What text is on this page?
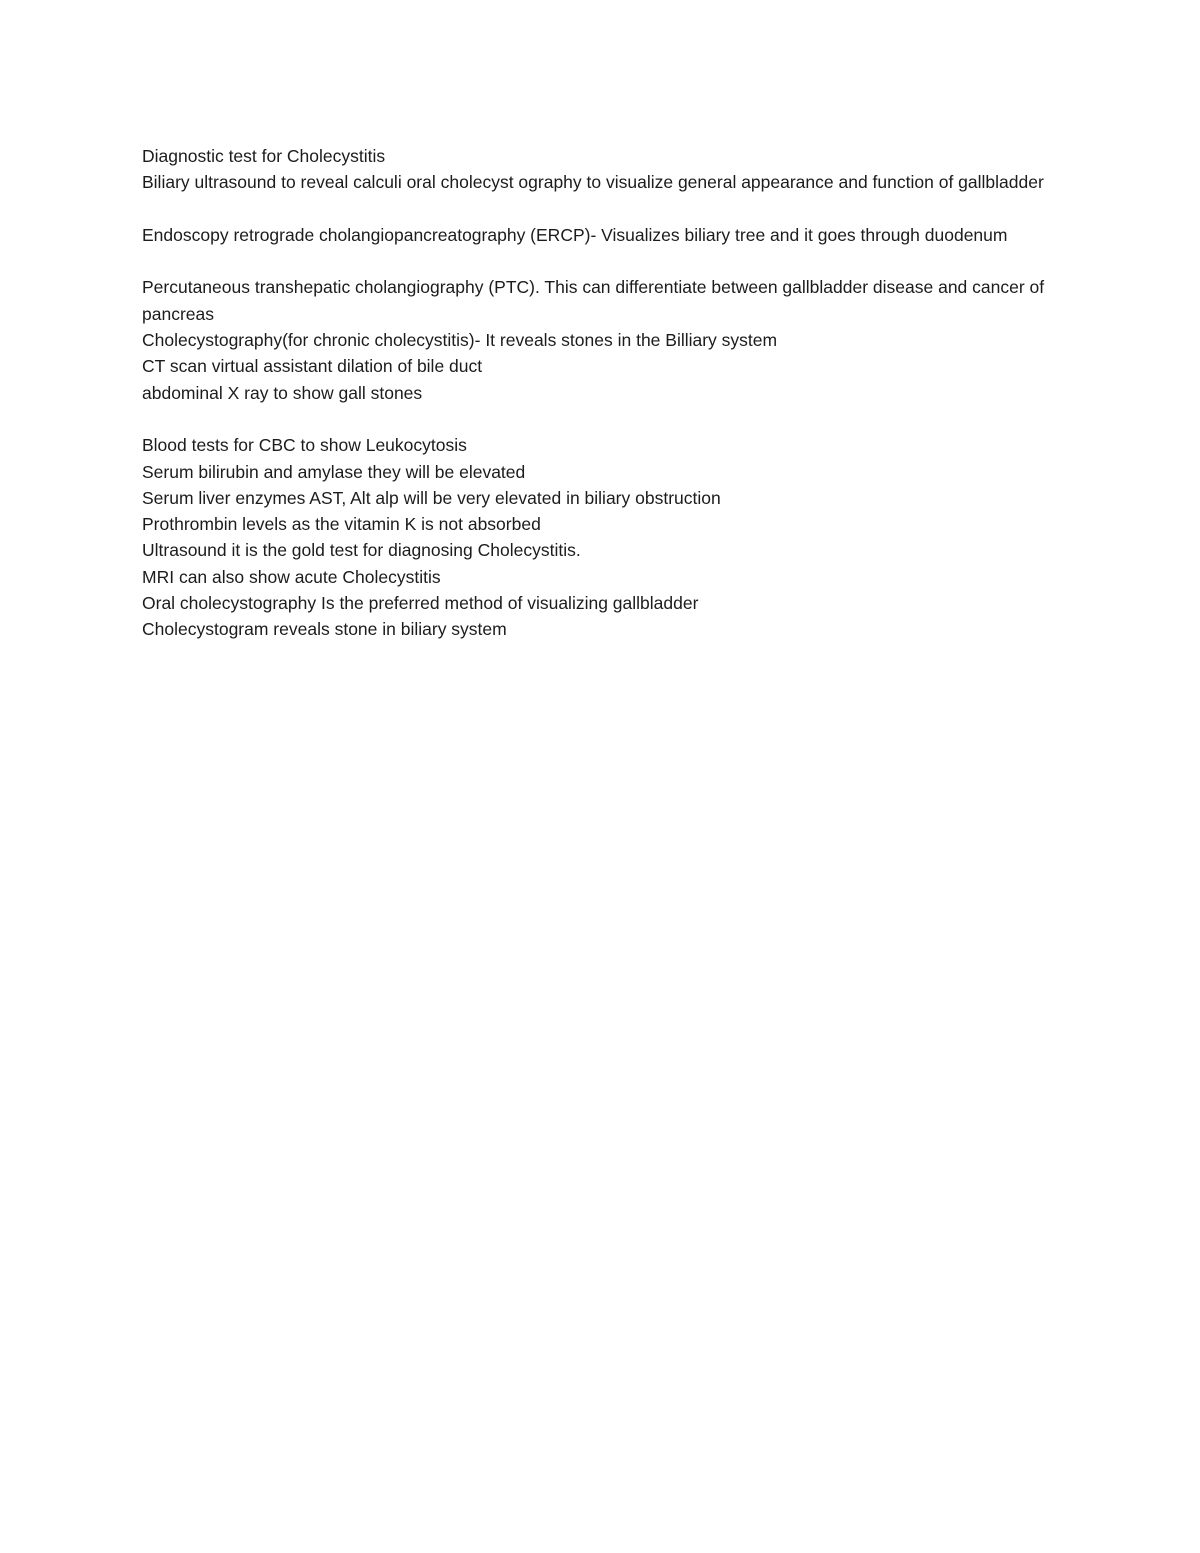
Diagnostic test for Cholecystitis

Biliary ultrasound to reveal calculi oral cholecyst ography to visualize general appearance and function of gallbladder

Endoscopy retrograde cholangiopancreatography (ERCP)- Visualizes biliary tree and it goes through duodenum

Percutaneous transhepatic cholangiography (PTC). This can differentiate between gallbladder disease and cancer of pancreas

Cholecystography(for chronic cholecystitis)- It reveals stones in the Billiary system

CT scan virtual assistant dilation of bile duct

abdominal X ray to show gall stones

Blood tests for CBC to show Leukocytosis

Serum bilirubin and amylase they will be elevated

Serum liver enzymes AST, Alt alp will be very elevated in biliary obstruction

Prothrombin levels as the vitamin K is not absorbed

Ultrasound it is the gold test for diagnosing Cholecystitis.

MRI can also show acute Cholecystitis

Oral cholecystography Is the preferred method of visualizing gallbladder

Cholecystogram reveals stone in biliary system
